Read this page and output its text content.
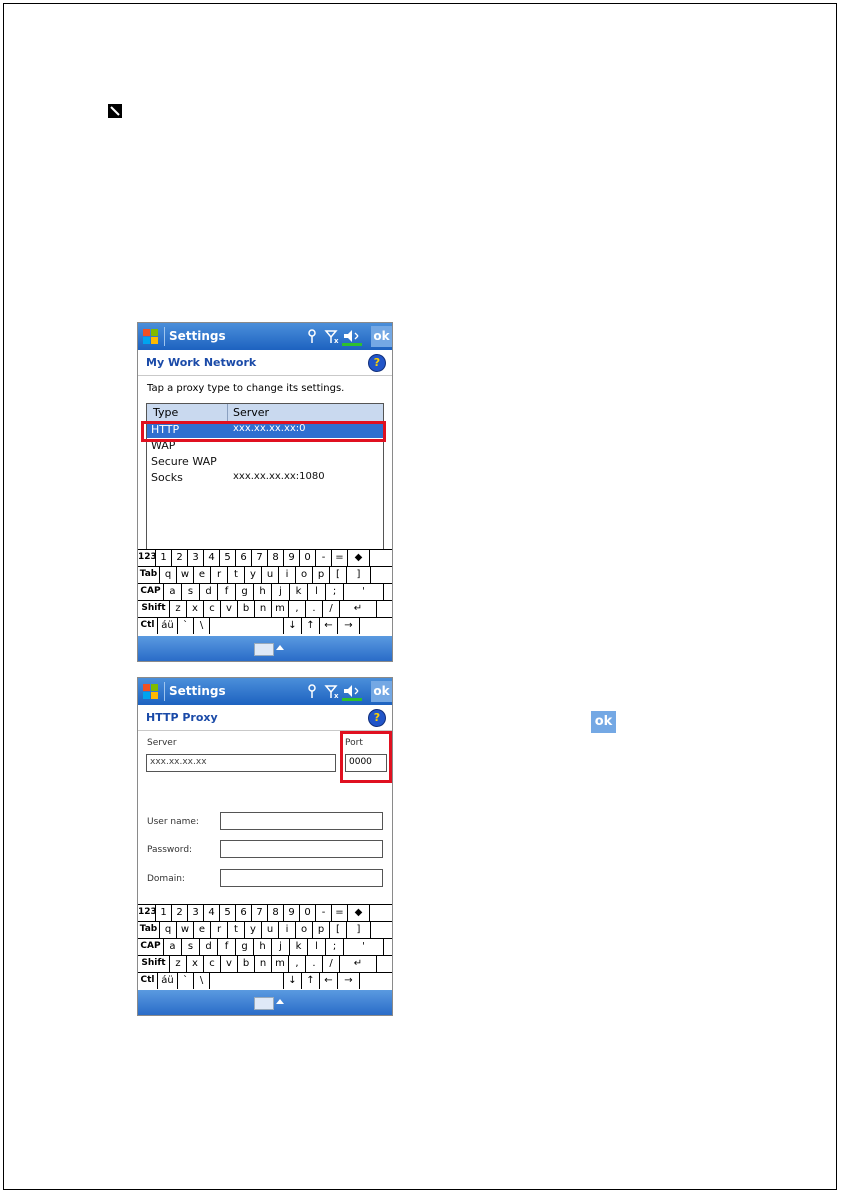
Settings	x	ok
My Work Network	?
Tap a proxy type to change its settings.
Type	Server
HTTP	xxx.xx.xx.xx:0
WAP
Secure WAP
Socks	xxx.xx.xx.xx:1080
123 1 2 3 4 5 6 7 8 9 0	-	=	◆
Tab q w e	r	t	y	u	i	o	p	[	]
CAP a	s	d	f	g	h	j	k	l	;	'
Shift z	x	c	v	b	n m	,	.	/	↵
Ctl áü `	\	↓ ↑ ←	→
Settings	x	ok
HTTP Proxy	?
Server
xxx.xx.xx.xx
Port
0000
User name:
Password:
Domain:
123 1 2 3 4 5 6 7 8 9 0	-	=	◆
Tab q w e	r	t	y	u	i	o	p	[	]
CAP a	s	d	f	g	h	j	k	l	;	'
Shift z	x	c	v	b	n m	,	.	/	↵
Ctl áü `	\	↓ ↑ ←	→
ok
